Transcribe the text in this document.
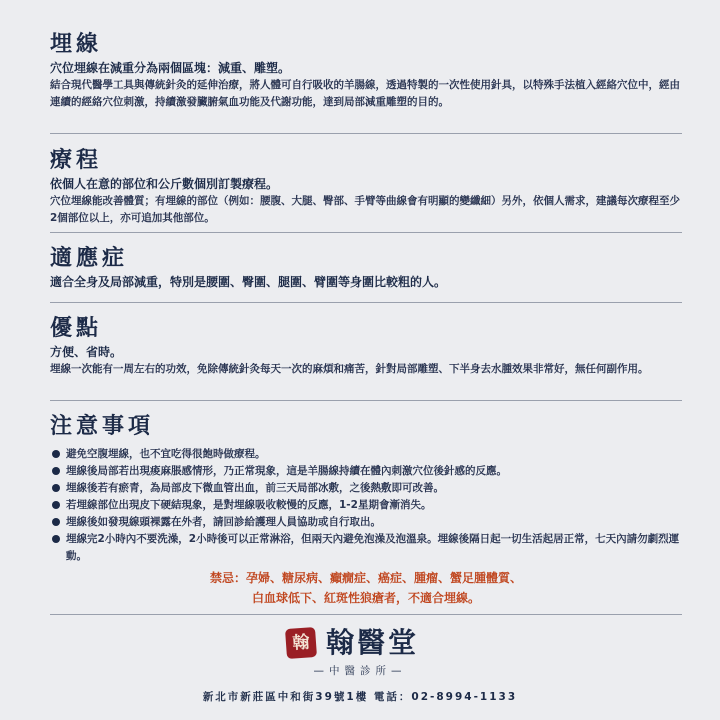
埋線
穴位埋線在減重分為兩個區塊：減重、雕塑。
結合現代醫學工具與傳統針灸的延伸治療，將人體可自行吸收的羊腸線，透過特製的一次性使用針具，以特殊手法植入經絡穴位中，經由連續的經絡穴位刺激，持續激發臟腑氣血功能及代謝功能，達到局部減重雕塑的目的。
療程
依個人在意的部位和公斤數個別訂製療程。
穴位埋線能改善體質；有埋線的部位（例如：腰腹、大腿、臀部、手臂等曲線會有明顯的變纖細）另外，依個人需求，建議每次療程至少2個部位以上，亦可追加其他部位。
適應症
適合全身及局部減重，特別是腰圍、臀圍、腿圍、臂圍等身圍比較粗的人。
優點
方便、省時。
埋線一次能有一周左右的功效，免除傳統針灸每天一次的麻煩和痛苦，針對局部雕塑、下半身去水腫效果非常好，無任何副作用。
注意事項
避免空腹埋線，也不宜吃得很飽時做療程。
埋線後局部若出現痠麻脹感情形，乃正常現象，這是羊腸線持續在體內刺激穴位後針感的反應。
埋線後若有瘀青，為局部皮下微血管出血，前三天局部冰敷，之後熱敷即可改善。
若埋線部位出現皮下硬結現象，是對埋線吸收較慢的反應，1-2星期會漸消失。
埋線後如發現線頭裸露在外者，請回診給護理人員協助或自行取出。
埋線完2小時內不要洗澡，2小時後可以正常淋浴，但兩天內避免泡澡及泡溫泉。埋線後隔日起一切生活起居正常，七天內請勿劇烈運動。
禁忌：孕婦、糖尿病、癲癇症、癌症、腫瘤、蟹足腫體質、
白血球低下、紅斑性狼瘡者，不適合埋線。
翰 翰醫堂
—中醫診所—
新北市新莊區中和街39號1樓 電話：02-8994-1133
